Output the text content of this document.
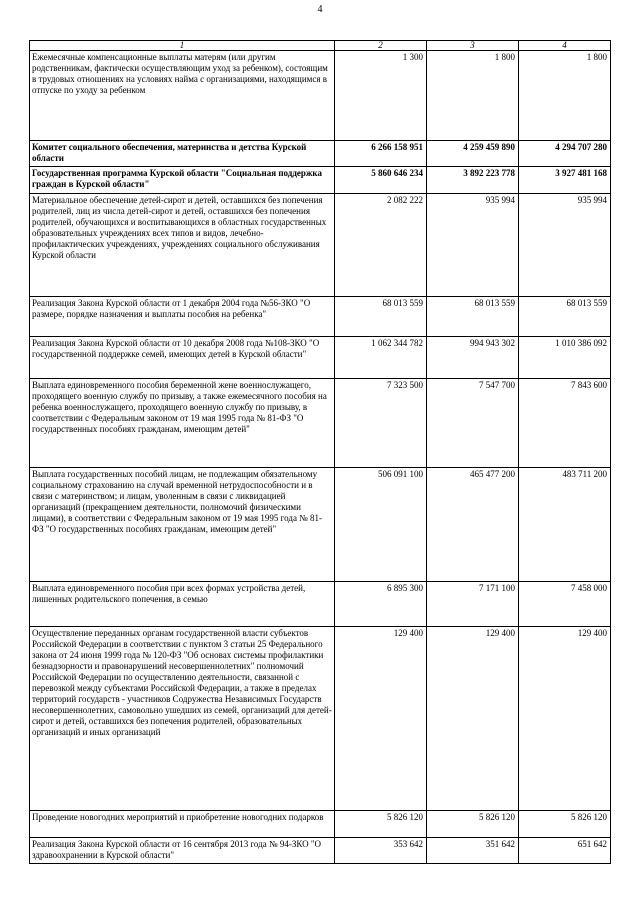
4
1	2	3	4
Ежемесячные компенсационные выплаты матерям (или другим родственникам, фактически осуществляющим уход за ребенком), состоящим в трудовых отношениях на условиях найма с организациями, находящимся в отпуске по уходу за ребенком	1 300	1 800	1 800
Комитет социального обеспечения, материнства и детства Курской области	6 266 158 951	4 259 459 890	4 294 707 280
Государственная программа Курской области "Социальная поддержка граждан в Курской области"	5 860 646 234	3 892 223 778	3 927 481 168
Материальное обеспечение детей-сирот и детей, оставшихся без попечения родителей, лиц из числа детей-сирот и детей, оставшихся без попечения родителей, обучающихся и воспитывающихся в областных государственных образовательных учреждениях всех типов и видов, лечебно-профилактических учреждениях, учреждениях социального обслуживания Курской области	2 082 222	935 994	935 994
Реализация Закона Курской области от 1 декабря 2004 года №56-ЗКО "О размере, порядке назначения и выплаты пособия на ребенка"	68 013 559	68 013 559	68 013 559
Реализация Закона Курской области от 10 декабря 2008 года №108-ЗКО "О государственной поддержке семей, имеющих детей в Курской области"	1 062 344 782	994 943 302	1 010 386 092
Выплата единовременного пособия беременной жене военнослужащего, проходящего военную службу по призыву, а также ежемесячного пособия на ребенка военнослужащего, проходящего военную службу по призыву, в соответствии с Федеральным законом от 19 мая 1995 года № 81-ФЗ "О государственных пособиях гражданам, имеющим детей"	7 323 500	7 547 700	7 843 600
Выплата государственных пособий лицам, не подлежащим обязательному социальному страхованию на случай временной нетрудоспособности и в связи с материнством; и лицам, уволенным в связи с ликвидацией организаций (прекращением деятельности, полномочий физическими лицами), в соответствии с Федеральным законом от 19 мая 1995 года № 81-ФЗ "О государственных пособиях гражданам, имеющим детей"	506 091 100	465 477 200	483 711 200
Выплата единовременного пособия при всех формах устройства детей, лишенных родительского попечения, в семью	6 895 300	7 171 100	7 458 000
Осуществление переданных органам государственной власти субъектов Российской Федерации в соответствии с пунктом 3 статьи 25 Федерального закона от 24 июня 1999 года № 120-ФЗ "Об основах системы профилактики безнадзорности и правонарушений несовершеннолетних" полномочий Российской Федерации по осуществлению деятельности, связанной с перевозкой между субъектами Российской Федерации, а также в пределах территорий государств - участников Содружества Независимых Государств несовершеннолетних, самовольно ушедших из семей, организаций для детей-сирот и детей, оставшихся без попечения родителей, образовательных организаций и иных организаций	129 400	129 400	129 400
Проведение новогодних мероприятий и приобретение новогодних подарков	5 826 120	5 826 120	5 826 120
Реализация Закона Курской области от 16 сентября 2013 года № 94-ЗКО "О здравоохранении в Курской области"	353 642	351 642	651 642
